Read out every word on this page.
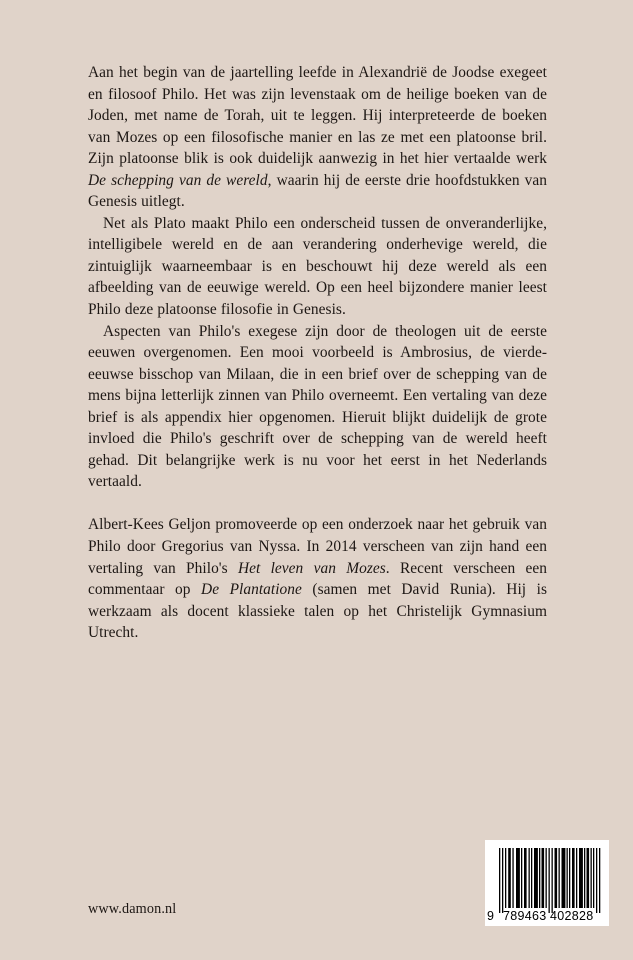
Aan het begin van de jaartelling leefde in Alexandrië de Joodse exegeet en filosoof Philo. Het was zijn levenstaak om de heilige boeken van de Joden, met name de Torah, uit te leggen. Hij interpreteerde de boeken van Mozes op een filosofische manier en las ze met een platoonse bril. Zijn platoonse blik is ook duidelijk aanwezig in het hier vertaalde werk De schepping van de wereld, waarin hij de eerste drie hoofdstukken van Genesis uitlegt.

Net als Plato maakt Philo een onderscheid tussen de onveranderlijke, intelligibele wereld en de aan verandering onderhevige wereld, die zintuiglijk waarneembaar is en beschouwt hij deze wereld als een afbeelding van de eeuwige wereld. Op een heel bijzondere manier leest Philo deze platoonse filosofie in Genesis.

Aspecten van Philo's exegese zijn door de theologen uit de eerste eeuwen overgenomen. Een mooi voorbeeld is Ambrosius, de vierde-eeuwse bisschop van Milaan, die in een brief over de schepping van de mens bijna letterlijk zinnen van Philo overneemt. Een vertaling van deze brief is als appendix hier opgenomen. Hieruit blijkt duidelijk de grote invloed die Philo's geschrift over de schepping van de wereld heeft gehad. Dit belangrijke werk is nu voor het eerst in het Nederlands vertaald.

Albert-Kees Geljon promoveerde op een onderzoek naar het gebruik van Philo door Gregorius van Nyssa. In 2014 verscheen van zijn hand een vertaling van Philo's Het leven van Mozes. Recent verscheen een commentaar op De Plantatione (samen met David Runia). Hij is werkzaam als docent klassieke talen op het Christelijk Gymnasium Utrecht.

www.damon.nl	9 789463 402828
